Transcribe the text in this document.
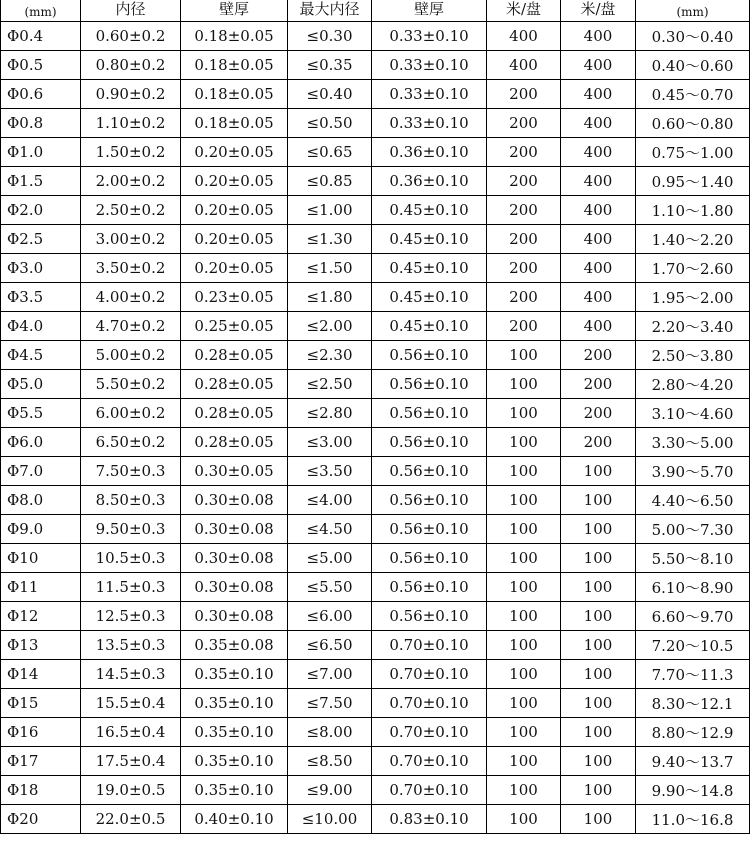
(mm)	内径	壁厚	最大内径	壁厚	米/盘	米/盘	(mm)
Φ0.4	0.60±0.2	0.18±0.05	≤0.30	0.33±0.10	400	400	0.30～0.40
Φ0.5	0.80±0.2	0.18±0.05	≤0.35	0.33±0.10	400	400	0.40～0.60
Φ0.6	0.90±0.2	0.18±0.05	≤0.40	0.33±0.10	200	400	0.45～0.70
Φ0.8	1.10±0.2	0.18±0.05	≤0.50	0.33±0.10	200	400	0.60～0.80
Φ1.0	1.50±0.2	0.20±0.05	≤0.65	0.36±0.10	200	400	0.75～1.00
Φ1.5	2.00±0.2	0.20±0.05	≤0.85	0.36±0.10	200	400	0.95～1.40
Φ2.0	2.50±0.2	0.20±0.05	≤1.00	0.45±0.10	200	400	1.10～1.80
Φ2.5	3.00±0.2	0.20±0.05	≤1.30	0.45±0.10	200	400	1.40～2.20
Φ3.0	3.50±0.2	0.20±0.05	≤1.50	0.45±0.10	200	400	1.70～2.60
Φ3.5	4.00±0.2	0.23±0.05	≤1.80	0.45±0.10	200	400	1.95～2.00
Φ4.0	4.70±0.2	0.25±0.05	≤2.00	0.45±0.10	200	400	2.20～3.40
Φ4.5	5.00±0.2	0.28±0.05	≤2.30	0.56±0.10	100	200	2.50～3.80
Φ5.0	5.50±0.2	0.28±0.05	≤2.50	0.56±0.10	100	200	2.80～4.20
Φ5.5	6.00±0.2	0.28±0.05	≤2.80	0.56±0.10	100	200	3.10～4.60
Φ6.0	6.50±0.2	0.28±0.05	≤3.00	0.56±0.10	100	200	3.30～5.00
Φ7.0	7.50±0.3	0.30±0.05	≤3.50	0.56±0.10	100	100	3.90～5.70
Φ8.0	8.50±0.3	0.30±0.08	≤4.00	0.56±0.10	100	100	4.40～6.50
Φ9.0	9.50±0.3	0.30±0.08	≤4.50	0.56±0.10	100	100	5.00～7.30
Φ10	10.5±0.3	0.30±0.08	≤5.00	0.56±0.10	100	100	5.50～8.10
Φ11	11.5±0.3	0.30±0.08	≤5.50	0.56±0.10	100	100	6.10～8.90
Φ12	12.5±0.3	0.30±0.08	≤6.00	0.56±0.10	100	100	6.60～9.70
Φ13	13.5±0.3	0.35±0.08	≤6.50	0.70±0.10	100	100	7.20～10.5
Φ14	14.5±0.3	0.35±0.10	≤7.00	0.70±0.10	100	100	7.70～11.3
Φ15	15.5±0.4	0.35±0.10	≤7.50	0.70±0.10	100	100	8.30～12.1
Φ16	16.5±0.4	0.35±0.10	≤8.00	0.70±0.10	100	100	8.80～12.9
Φ17	17.5±0.4	0.35±0.10	≤8.50	0.70±0.10	100	100	9.40～13.7
Φ18	19.0±0.5	0.35±0.10	≤9.00	0.70±0.10	100	100	9.90～14.8
Φ20	22.0±0.5	0.40±0.10	≤10.00	0.83±0.10	100	100	11.0～16.8
